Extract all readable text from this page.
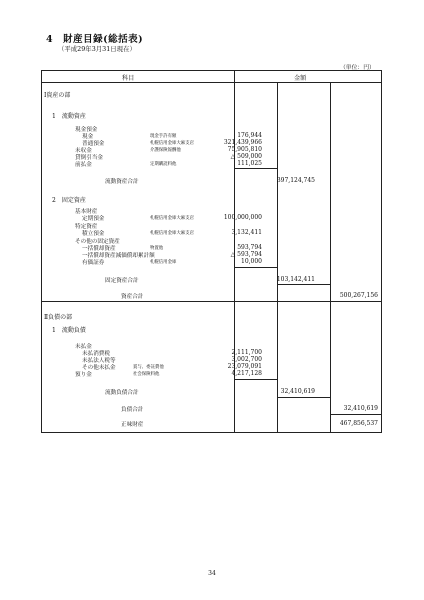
4　財産目録(総括表)
（平成29年3月31日現在）
（単位：円）
科目	金額
Ⅰ資産の部
1　流動資産
現金預金
現金	現金手許有額	176,944
普通預金	札幌信用金庫大麻支店	321,439,966
未収金	介護保険報酬他	75,905,810
貸倒引当金	△ 509,000
前払金	定期購読料他	111,025
流動資産合計	397,124,745
2　固定資産
基本財産
定期預金	札幌信用金庫大麻支店	100,000,000
特定資産
積立預金	札幌信用金庫大麻支店	3,132,411
その他の固定資産
一括償却資産	物置他	593,794
一括償却資産減価償却累計額	△ 593,794
有価証券	札幌信用金庫	10,000
固定資産合計	103,142,411
資産合計	500,267,156
Ⅱ負債の部
1　流動負債
未払金
未払消費税	2,111,700
未払法人税等	3,002,700
その他未払金	賞与、委託費他	23,079,091
預り金	社会保険料他	4,217,128
流動負債合計	32,410,619
負債合計	32,410,619
正味財産	467,856,537
34
